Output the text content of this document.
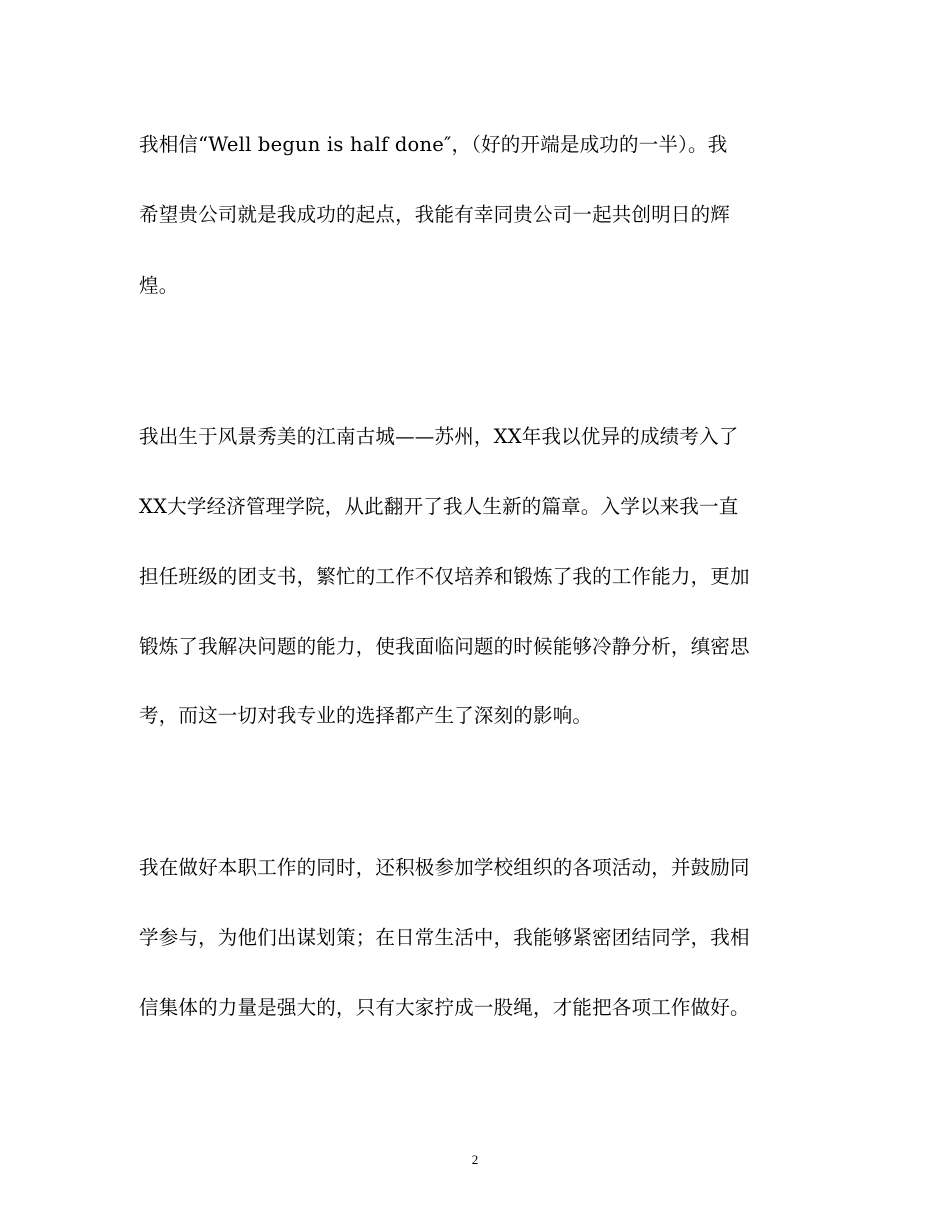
我相信“Well begun is half done″，（好的开端是成功的一半）。我
希望贵公司就是我成功的起点，我能有幸同贵公司一起共创明日的辉
煌。
我出生于风景秀美的江南古城——苏州，XX年我以优异的成绩考入了
XX大学经济管理学院，从此翻开了我人生新的篇章。入学以来我一直
担任班级的团支书，繁忙的工作不仅培养和锻炼了我的工作能力，更加
锻炼了我解决问题的能力，使我面临问题的时候能够冷静分析，缜密思
考，而这一切对我专业的选择都产生了深刻的影响。
我在做好本职工作的同时，还积极参加学校组织的各项活动，并鼓励同
学参与，为他们出谋划策；在日常生活中，我能够紧密团结同学，我相
信集体的力量是强大的，只有大家拧成一股绳，才能把各项工作做好。
2
